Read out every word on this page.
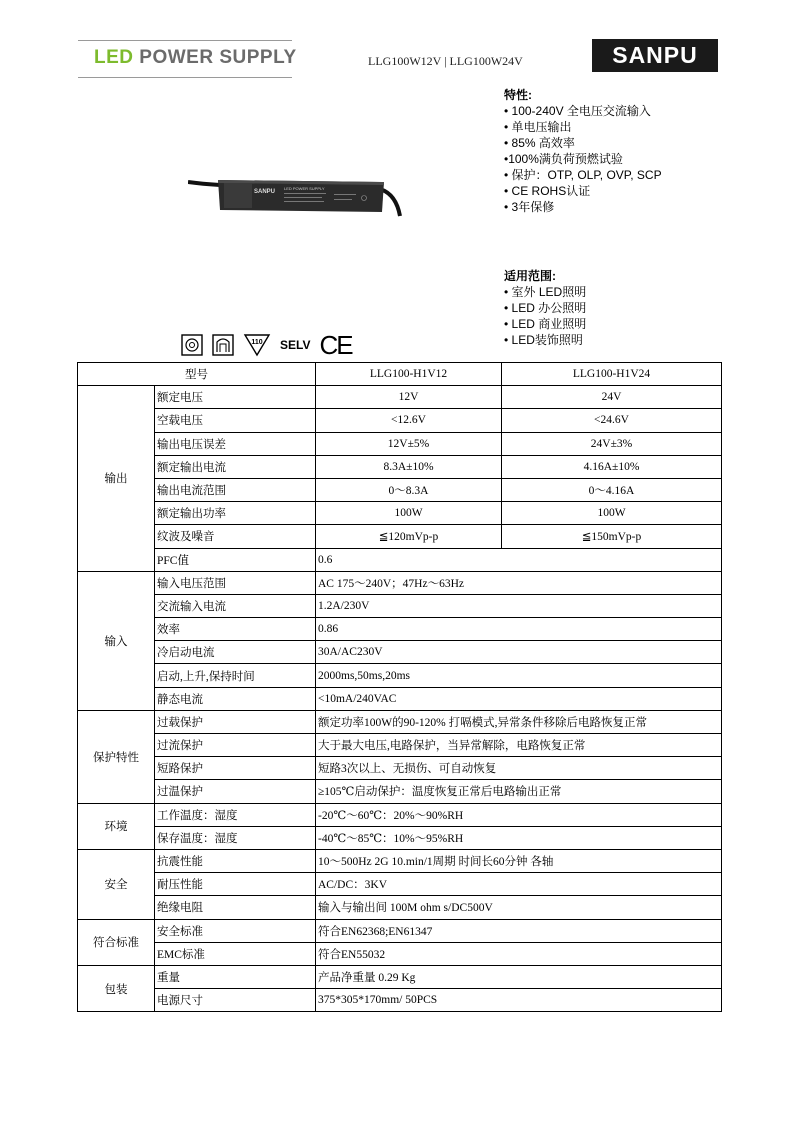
LED POWER SUPPLY	LLG100W12V | LLG100W24V	SANPU
SANPU
LED POWER SUPPLY
特性:
• 100-240V 全电压交流输入
• 单电压输出
• 85% 高效率
•100%满负荷预燃试验
• 保护：OTP, OLP, OVP, SCP
• CE ROHS认证
• 3年保修
适用范围:
• 室外 LED照明
• LED 办公照明
• LED 商业照明
• LED装饰照明
110 SELV CE
型号		LLG100-H1V12	LLG100-H1V24
输出	额定电压	12V	24V
	空载电压	<12.6V	<24.6V
	输出电压误差	12V±5%	24V±3%
	额定输出电流	8.3A±10%	4.16A±10%
	输出电流范围	0～8.3A	0～4.16A
	额定输出功率	100W	100W
	纹波及噪音	≦120mVp-p	≦150mVp-p
	PFC值	0.6	
输入	输入电压范围	AC 175～240V；47Hz～63Hz	
	交流输入电流	1.2A/230V	
	效率	0.86	
	冷启动电流	30A/AC230V	
	启动,上升,保持时间	2000ms,50ms,20ms	
	静态电流	<10mA/240VAC	
保护特性	过载保护	额定功率100W的90-120% 打嗝模式,异常条件移除后电路恢复正常	
	过流保护	大于最大电压,电路保护，当异常解除，电路恢复正常	
	短路保护	短路3次以上、无损伤、可自动恢复	
	过温保护	≥105℃启动保护：温度恢复正常后电路输出正常	
环境	工作温度：湿度	-20℃～60℃：20%～90%RH	
	保存温度：湿度	-40℃～85℃：10%～95%RH	
安全	抗震性能	10～500Hz 2G 10.min/1周期 时间长60分钟 各轴	
	耐压性能	AC/DC：3KV	
	绝缘电阻	输入与输出间 100M ohm s/DC500V	
符合标准	安全标准	符合EN62368;EN61347	
	EMC标准	符合EN55032	
包装	重量	产品净重量 0.29 Kg	
	电源尺寸	375*305*170mm/ 50PCS	
